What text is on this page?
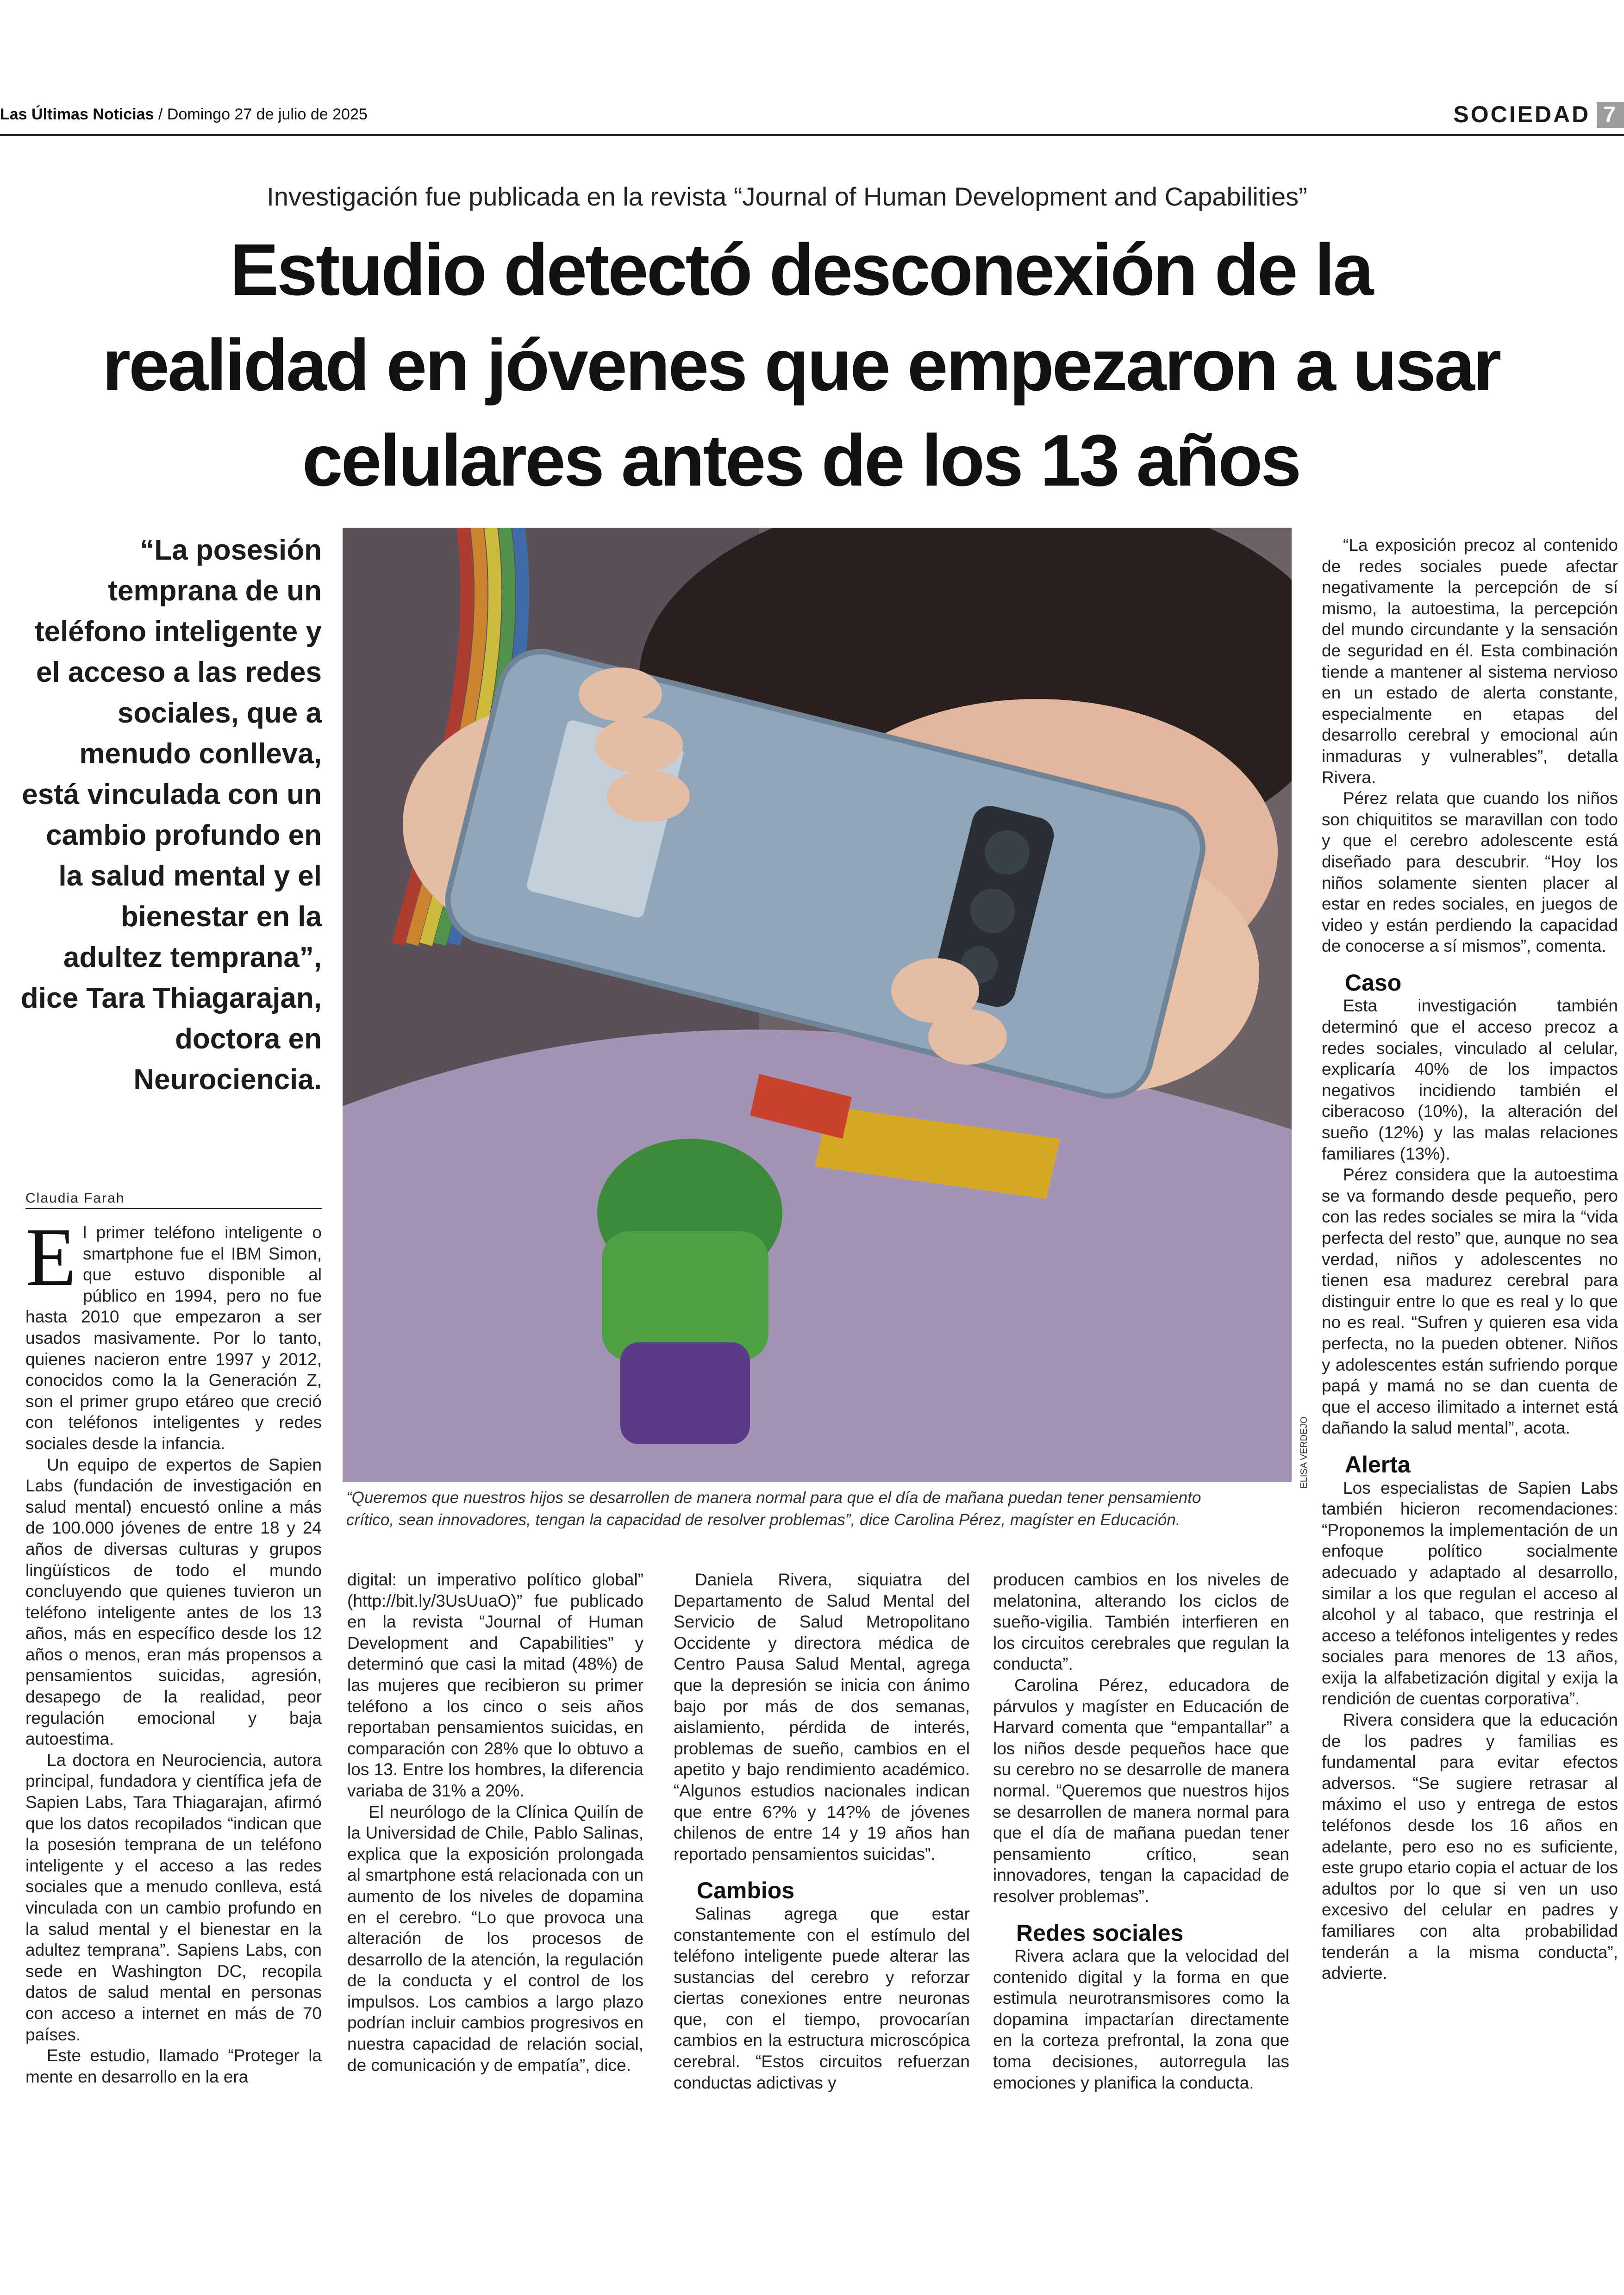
Las Últimas Noticias / Domingo 27 de julio de 2025	SOCIEDAD 7
Investigación fue publicada en la revista “Journal of Human Development and Capabilities”
Estudio detectó desconexión de la realidad en jóvenes que empezaron a usar celulares antes de los 13 años

“La posesión temprana de un teléfono inteligente y el acceso a las redes sociales, que a menudo conlleva, está vinculada con un cambio profundo en la salud mental y el bienestar en la adultez temprana”, dice Tara Thiagarajan, doctora en Neurociencia.

ELISA VERDEJO
“Queremos que nuestros hijos se desarrollen de manera normal para que el día de mañana puedan tener pensamiento crítico, sean innovadores, tengan la capacidad de resolver problemas”, dice Carolina Pérez, magíster en Educación.
Claudia Farah

El primer teléfono inteligente o smartphone fue el IBM Simon, que estuvo disponible al público en 1994, pero no fue hasta 2010 que empezaron a ser usados masivamente. Por lo tanto, quienes nacieron entre 1997 y 2012, conocidos como la la Generación Z, son el primer grupo etáreo que creció con teléfonos inteligentes y redes sociales desde la infancia.

Un equipo de expertos de Sapien Labs (fundación de investigación en salud mental) encuestó online a más de 100.000 jóvenes de entre 18 y 24 años de diversas culturas y grupos lingüísticos de todo el mundo concluyendo que quienes tuvieron un teléfono inteligente antes de los 13 años, más en específico desde los 12 años o menos, eran más propensos a pensamientos suicidas, agresión, desapego de la realidad, peor regulación emocional y baja autoestima.

La doctora en Neurociencia, autora principal, fundadora y científica jefa de Sapien Labs, Tara Thiagarajan, afirmó que los datos recopilados “indican que la posesión temprana de un teléfono inteligente y el acceso a las redes sociales que a menudo conlleva, está vinculada con un cambio profundo en la salud mental y el bienestar en la adultez temprana”. Sapiens Labs, con sede en Washington DC, recopila datos de salud mental en personas con acceso a internet en más de 70 países.

Este estudio, llamado “Proteger la mente en desarrollo en la era

digital: un imperativo político global” (http://bit.ly/3UsUuaO)” fue publicado en la revista “Journal of Human Development and Capabilities” y determinó que casi la mitad (48%) de las mujeres que recibieron su primer teléfono a los cinco o seis años reportaban pensamientos suicidas, en comparación con 28% que lo obtuvo a los 13. Entre los hombres, la diferencia variaba de 31% a 20%.

El neurólogo de la Clínica Quilín de la Universidad de Chile, Pablo Salinas, explica que la exposición prolongada al smartphone está relacionada con un aumento de los niveles de dopamina en el cerebro. “Lo que provoca una alteración de los procesos de desarrollo de la atención, la regulación de la conducta y el control de los impulsos. Los cambios a largo plazo podrían incluir cambios progresivos en nuestra capacidad de relación social, de comunicación y de empatía”, dice.

Daniela Rivera, siquiatra del Departamento de Salud Mental del Servicio de Salud Metropolitano Occidente y directora médica de Centro Pausa Salud Mental, agrega que la depresión se inicia con ánimo bajo por más de dos semanas, aislamiento, pérdida de interés, problemas de sueño, cambios en el apetito y bajo rendimiento académico. “Algunos estudios nacionales indican que entre 6?% y 14?% de jóvenes chilenos de entre 14 y 19 años han reportado pensamientos suicidas”.

Cambios

Salinas agrega que estar constantemente con el estímulo del teléfono inteligente puede alterar las sustancias del cerebro y reforzar ciertas conexiones entre neuronas que, con el tiempo, provocarían cambios en la estructura microscópica cerebral. “Estos circuitos refuerzan conductas adictivas y

producen cambios en los niveles de melatonina, alterando los ciclos de sueño-vigilia. También interfieren en los circuitos cerebrales que regulan la conducta”.

Carolina Pérez, educadora de párvulos y magíster en Educación de Harvard comenta que “empantallar” a los niños desde pequeños hace que su cerebro no se desarrolle de manera normal. “Queremos que nuestros hijos se desarrollen de manera normal para que el día de mañana puedan tener pensamiento crítico, sean innovadores, tengan la capacidad de resolver problemas”.

Redes sociales

Rivera aclara que la velocidad del contenido digital y la forma en que estimula neurotransmisores como la dopamina impactarían directamente en la corteza prefrontal, la zona que toma decisiones, autorregula las emociones y planifica la conducta.

“La exposición precoz al contenido de redes sociales puede afectar negativamente la percepción de sí mismo, la autoestima, la percepción del mundo circundante y la sensación de seguridad en él. Esta combinación tiende a mantener al sistema nervioso en un estado de alerta constante, especialmente en etapas del desarrollo cerebral y emocional aún inmaduras y vulnerables”, detalla Rivera.

Pérez relata que cuando los niños son chiquititos se maravillan con todo y que el cerebro adolescente está diseñado para descubrir. “Hoy los niños solamente sienten placer al estar en redes sociales, en juegos de video y están perdiendo la capacidad de conocerse a sí mismos”, comenta.

Caso

Esta investigación también determinó que el acceso precoz a redes sociales, vinculado al celular, explicaría 40% de los impactos negativos incidiendo también el ciberacoso (10%), la alteración del sueño (12%) y las malas relaciones familiares (13%).

Pérez considera que la autoestima se va formando desde pequeño, pero con las redes sociales se mira la “vida perfecta del resto” que, aunque no sea verdad, niños y adolescentes no tienen esa madurez cerebral para distinguir entre lo que es real y lo que no es real. “Sufren y quieren esa vida perfecta, no la pueden obtener. Niños y adolescentes están sufriendo porque papá y mamá no se dan cuenta de que el acceso ilimitado a internet está dañando la salud mental”, acota.

Alerta

Los especialistas de Sapien Labs también hicieron recomendaciones: “Proponemos la implementación de un enfoque político socialmente adecuado y adaptado al desarrollo, similar a los que regulan el acceso al alcohol y al tabaco, que restrinja el acceso a teléfonos inteligentes y redes sociales para menores de 13 años, exija la alfabetización digital y exija la rendición de cuentas corporativa”.

Rivera considera que la educación de los padres y familias es fundamental para evitar efectos adversos. “Se sugiere retrasar al máximo el uso y entrega de estos teléfonos desde los 16 años en adelante, pero eso no es suficiente, este grupo etario copia el actuar de los adultos por lo que si ven un uso excesivo del celular en padres y familiares con alta probabilidad tenderán a la misma conducta”, advierte.
